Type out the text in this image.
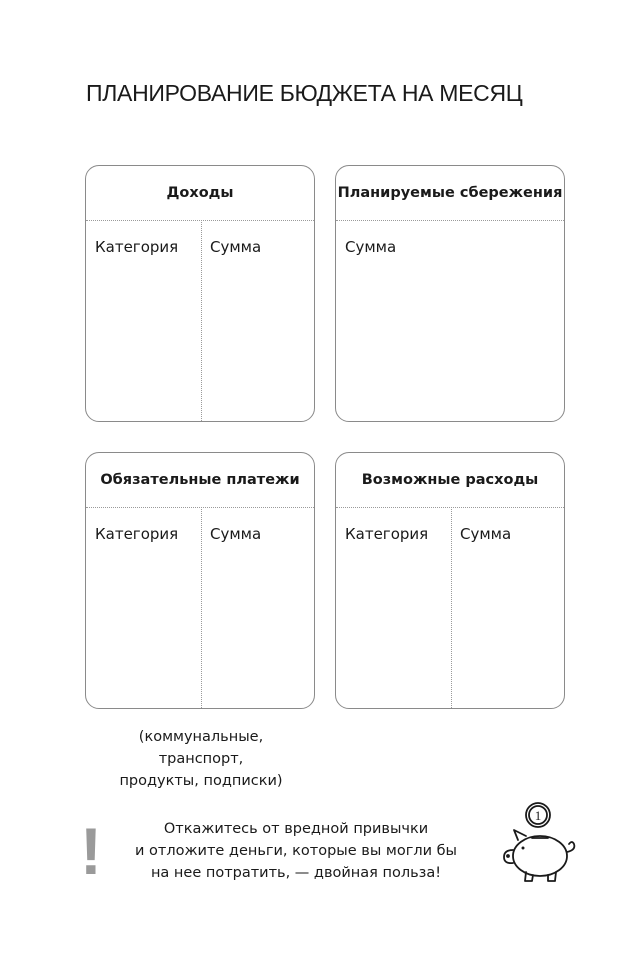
ПЛАНИРОВАНИЕ БЮДЖЕТА НА МЕСЯЦ
Доходы
Категория Сумма
Планируемые сбережения
Сумма
Обязательные платежи
Категория Сумма
Возможные расходы
Категория Сумма
(коммунальные,
транспорт,
продукты, подписки)
!	Откажитесь от вредной привычки
и отложите деньги, которые вы могли бы
на нее потратить, — двойная польза!
1
